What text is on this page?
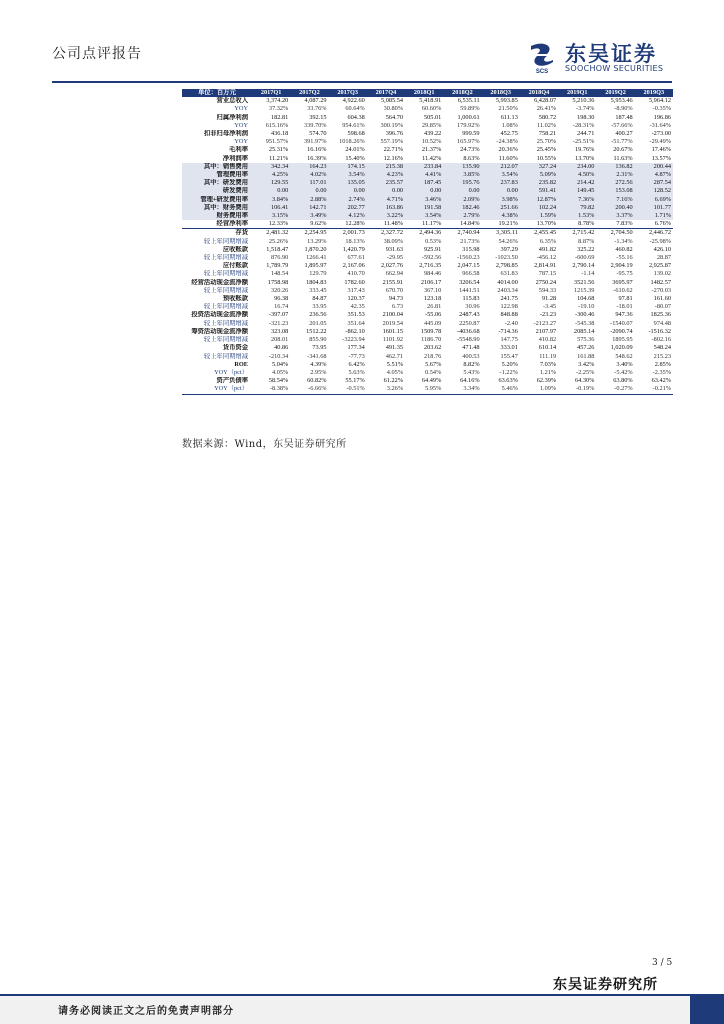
公司点评报告
SCS
东吴证券
SOOCHOW SECURITIES
单位：百万元	2017Q1	2017Q2	2017Q3	2017Q4	2018Q1	2018Q2	2018Q3	2018Q4	2019Q1	2019Q2	2019Q3
营业总收入	3,374.20	4,087.29	4,922.60	5,085.54	5,418.91	6,535.11	5,993.85	6,428.07	5,210.36	5,953.46	5,964.12
YOY	37.32%	33.76%	60.64%	30.80%	60.60%	59.89%	21.50%	26.41%	-3.74%	-8.90%	-0.35%
归属净利润	182.81	392.15	604.38	564.70	505.01	1,000.61	611.13	580.72	198.30	187.48	196.86
YOY	615.16%	339.70%	954.61%	300.19%	29.85%	179.92%	1.08%	11.02%	-28.31%	-57.66%	-31.64%
扣非归母净利润	436.18	574.70	598.68	396.76	439.22	999.59	452.75	758.21	244.71	400.27	-273.00
YOY	951.57%	391.97%	1018.26%	557.19%	10.52%	165.97%	-24.38%	25.70%	-25.51%	-51.77%	-29.49%
毛利率	25.31%	16.16%	24.01%	22.71%	21.37%	24.73%	20.36%	25.45%	19.76%	20.67%	17.46%
净利润率	11.21%	16.39%	15.40%	12.16%	11.42%	8.63%	11.60%	10.55%	13.70%	11.63%	13.57%
其中：销售费用	342.34	164.23	174.15	215.38	233.84	135.90	212.07	327.24	234.00	136.82	200.44
管理费用率	4.25%	4.02%	3.54%	4.23%	4.41%	3.85%	3.54%	5.09%	4.50%	2.31%	4.87%
其中：研发费用	129.55	117.01	135.05	235.57	187.45	195.76	237.83	235.82	214.42	272.56	287.54
研发费用	0.00	0.00	0.00	0.00	0.00	0.00	0.00	591.41	149.45	153.08	128.52
管理+研发费用率	3.84%	2.88%	2.74%	4.71%	3.46%	2.09%	3.98%	12.87%	7.36%	7.16%	6.69%
其中：财务费用	106.41	142.71	202.77	163.86	191.58	182.46	251.66	102.24	79.82	200.40	101.77
财务费用率	3.15%	3.49%	4.12%	3.22%	3.54%	2.79%	4.38%	1.59%	1.53%	3.37%	1.71%
经营净利率	12.33%	9.62%	12.28%	11.48%	11.17%	14.84%	19.21%	13.70%	8.78%	7.83%	6.76%
存货	2,481.32	2,254.95	2,001.73	2,327.72	2,494.36	2,740.94	3,305.11	2,455.45	2,715.42	2,704.50	2,446.72
较上年同期增减	25.26%	13.29%	18.13%	38.09%	0.53%	21.73%	54.26%	6.35%	8.87%	-1.34%	-25.98%
应收账款	1,518.47	1,870.20	1,420.79	931.63	925.91	315.98	397.29	491.82	325.22	460.82	426.10
较上年同期增减	876.90	1266.41	677.61	-29.95	-592.56	-1560.23	-1023.50	-456.12	-600.69	-55.16	28.87
应付账款	1,789.79	1,895.97	2,167.06	2,027.76	2,716.35	2,047.15	2,798.85	2,814.91	2,790.14	2,904.19	2,925.87
较上年同期增减	148.54	129.79	410.70	662.94	984.46	966.58	631.83	787.15	-1.14	-95.75	139.02
经营活动现金流净额	1758.98	1804.83	1782.60	2155.91	2106.17	3206.54	4014.00	2750.24	3521.56	3695.97	1482.57
较上年同期增减	320.26	333.45	317.43	670.70	367.10	1441.51	2403.34	594.33	1215.39	-610.62	-270.03
预收账款	96.38	84.87	120.37	94.73	123.18	115.83	241.75	91.28	104.68	97.81	161.60
较上年同期增减	16.74	33.95	42.35	6.73	26.81	30.96	122.98	-3.45	-19.10	-18.01	-80.07
投资活动现金流净额	-397.07	236.56	351.53	2100.04	-55.06	2487.43	848.88	-23.23	-300.46	947.36	1825.36
较上年同期增减	-321.23	201.05	351.64	2019.54	445.09	2250.87	-2.40	-2123.27	-545.38	-1540.07	974.48
筹资活动现金流净额	323.08	1512.22	-862.10	1601.15	1509.78	-4036.68	-714.36	2107.97	2085.14	-2090.74	-1516.32
较上年同期增减	208.01	855.90	-3223.94	1101.92	1186.70	-5548.90	147.75	410.82	575.36	1895.95	-802.16
货币资金	40.86	73.95	177.34	491.35	203.62	471.48	333.01	610.14	457.26	1,020.09	548.24
较上年同期增减	-210.34	-341.68	-77.73	462.71	218.76	400.53	155.47	111.19	161.88	548.62	215.23
ROE	5.04%	4.39%	6.42%	5.51%	5.67%	8.82%	5.20%	7.03%	3.42%	3.40%	2.85%
YOY（pct）	4.05%	2.95%	5.63%	4.05%	0.54%	5.43%	-1.22%	1.21%	-2.25%	-5.42%	-2.35%
资产负债率	58.54%	60.82%	55.17%	61.22%	64.49%	64.16%	63.63%	62.39%	64.30%	63.80%	63.42%
YOY（pct）	-8.38%	-6.66%	-0.51%	3.26%	5.95%	3.34%	5.46%	1.09%	-0.19%	-0.27%	-0.21%
数据来源：Wind，东吴证券研究所
3 / 5
东吴证券研究所
请务必阅读正文之后的免责声明部分
